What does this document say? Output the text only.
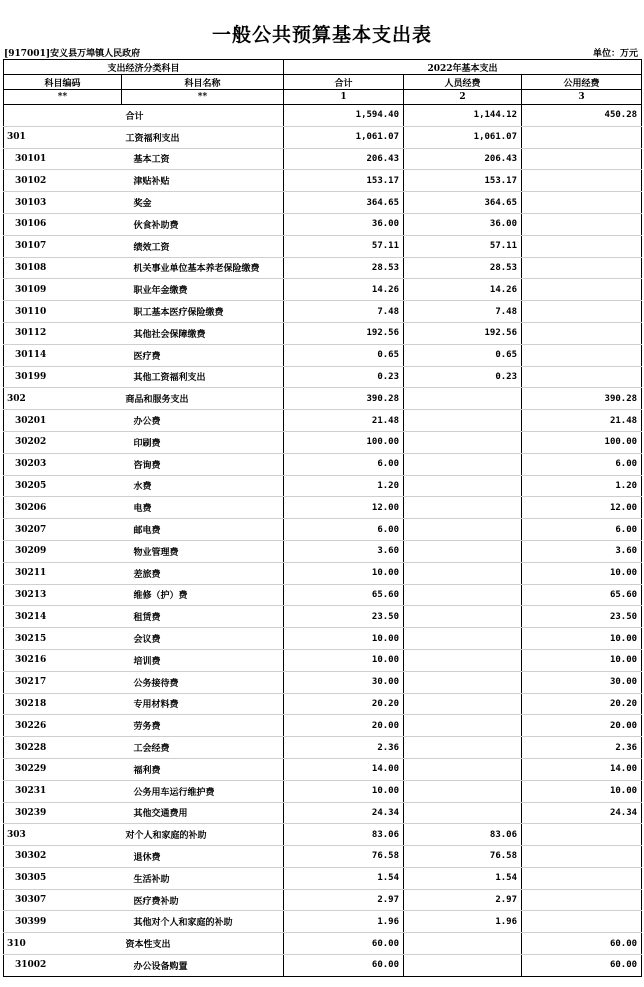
一般公共预算基本支出表
[917001]安义县万埠镇人民政府	单位：万元
支出经济分类科目		2022年基本支出		
科目编码	科目名称	合计	人员经费	公用经费
**	**	1	2	3
	合计	1,594.40	1,144.12	450.28
301	工资福利支出	1,061.07	1,061.07	
30101	基本工资	206.43	206.43	
30102	津贴补贴	153.17	153.17	
30103	奖金	364.65	364.65	
30106	伙食补助费	36.00	36.00	
30107	绩效工资	57.11	57.11	
30108	机关事业单位基本养老保险缴费	28.53	28.53	
30109	职业年金缴费	14.26	14.26	
30110	职工基本医疗保险缴费	7.48	7.48	
30112	其他社会保障缴费	192.56	192.56	
30114	医疗费	0.65	0.65	
30199	其他工资福利支出	0.23	0.23	
302	商品和服务支出	390.28		390.28
30201	办公费	21.48		21.48
30202	印刷费	100.00		100.00
30203	咨询费	6.00		6.00
30205	水费	1.20		1.20
30206	电费	12.00		12.00
30207	邮电费	6.00		6.00
30209	物业管理费	3.60		3.60
30211	差旅费	10.00		10.00
30213	维修（护）费	65.60		65.60
30214	租赁费	23.50		23.50
30215	会议费	10.00		10.00
30216	培训费	10.00		10.00
30217	公务接待费	30.00		30.00
30218	专用材料费	20.20		20.20
30226	劳务费	20.00		20.00
30228	工会经费	2.36		2.36
30229	福利费	14.00		14.00
30231	公务用车运行维护费	10.00		10.00
30239	其他交通费用	24.34		24.34
303	对个人和家庭的补助	83.06	83.06	
30302	退休费	76.58	76.58	
30305	生活补助	1.54	1.54	
30307	医疗费补助	2.97	2.97	
30399	其他对个人和家庭的补助	1.96	1.96	
310	资本性支出	60.00		60.00
31002	办公设备购置	60.00		60.00
